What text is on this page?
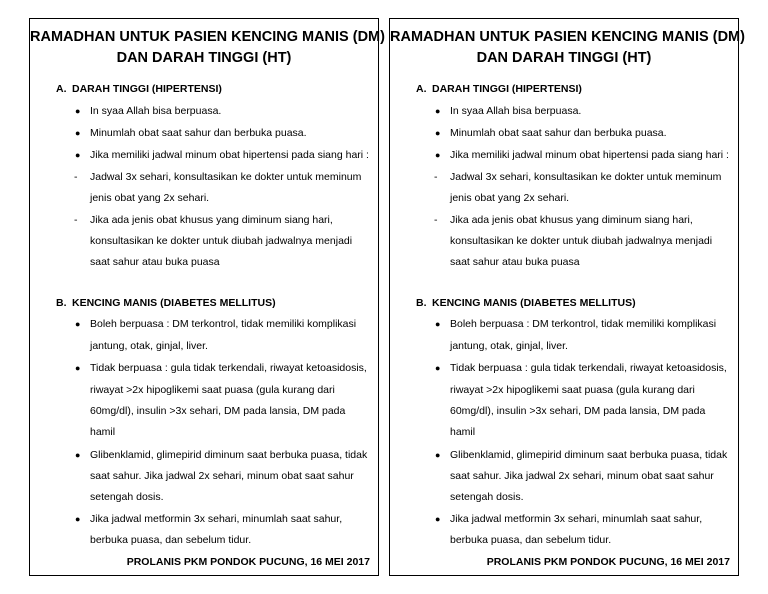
RAMADHAN UNTUK PASIEN KENCING MANIS (DM)
DAN DARAH TINGGI (HT)
A. DARAH TINGGI (HIPERTENSI)
● In syaa Allah bisa berpuasa.
● Minumlah obat saat sahur dan berbuka puasa.
● Jika memiliki jadwal minum obat hipertensi pada siang hari :
- Jadwal 3x sehari, konsultasikan ke dokter untuk meminum
jenis obat yang 2x sehari.
- Jika ada jenis obat khusus yang diminum siang hari,
konsultasikan ke dokter untuk diubah jadwalnya menjadi
saat sahur atau buka puasa
B. KENCING MANIS (DIABETES MELLITUS)
● Boleh berpuasa : DM terkontrol, tidak memiliki komplikasi
jantung, otak, ginjal, liver.
● Tidak berpuasa : gula tidak terkendali, riwayat ketoasidosis,
riwayat >2x hipoglikemi saat puasa (gula kurang dari
60mg/dl), insulin >3x sehari, DM pada lansia, DM pada
hamil
● Glibenklamid, glimepirid diminum saat berbuka puasa, tidak
saat sahur. Jika jadwal 2x sehari, minum obat saat sahur
setengah dosis.
● Jika jadwal metformin 3x sehari, minumlah saat sahur,
berbuka puasa, dan sebelum tidur.
PROLANIS PKM PONDOK PUCUNG, 16 MEI 2017
RAMADHAN UNTUK PASIEN KENCING MANIS (DM)
DAN DARAH TINGGI (HT)
A. DARAH TINGGI (HIPERTENSI)
● In syaa Allah bisa berpuasa.
● Minumlah obat saat sahur dan berbuka puasa.
● Jika memiliki jadwal minum obat hipertensi pada siang hari :
- Jadwal 3x sehari, konsultasikan ke dokter untuk meminum
jenis obat yang 2x sehari.
- Jika ada jenis obat khusus yang diminum siang hari,
konsultasikan ke dokter untuk diubah jadwalnya menjadi
saat sahur atau buka puasa
B. KENCING MANIS (DIABETES MELLITUS)
● Boleh berpuasa : DM terkontrol, tidak memiliki komplikasi
jantung, otak, ginjal, liver.
● Tidak berpuasa : gula tidak terkendali, riwayat ketoasidosis,
riwayat >2x hipoglikemi saat puasa (gula kurang dari
60mg/dl), insulin >3x sehari, DM pada lansia, DM pada
hamil
● Glibenklamid, glimepirid diminum saat berbuka puasa, tidak
saat sahur. Jika jadwal 2x sehari, minum obat saat sahur
setengah dosis.
● Jika jadwal metformin 3x sehari, minumlah saat sahur,
berbuka puasa, dan sebelum tidur.
PROLANIS PKM PONDOK PUCUNG, 16 MEI 2017
